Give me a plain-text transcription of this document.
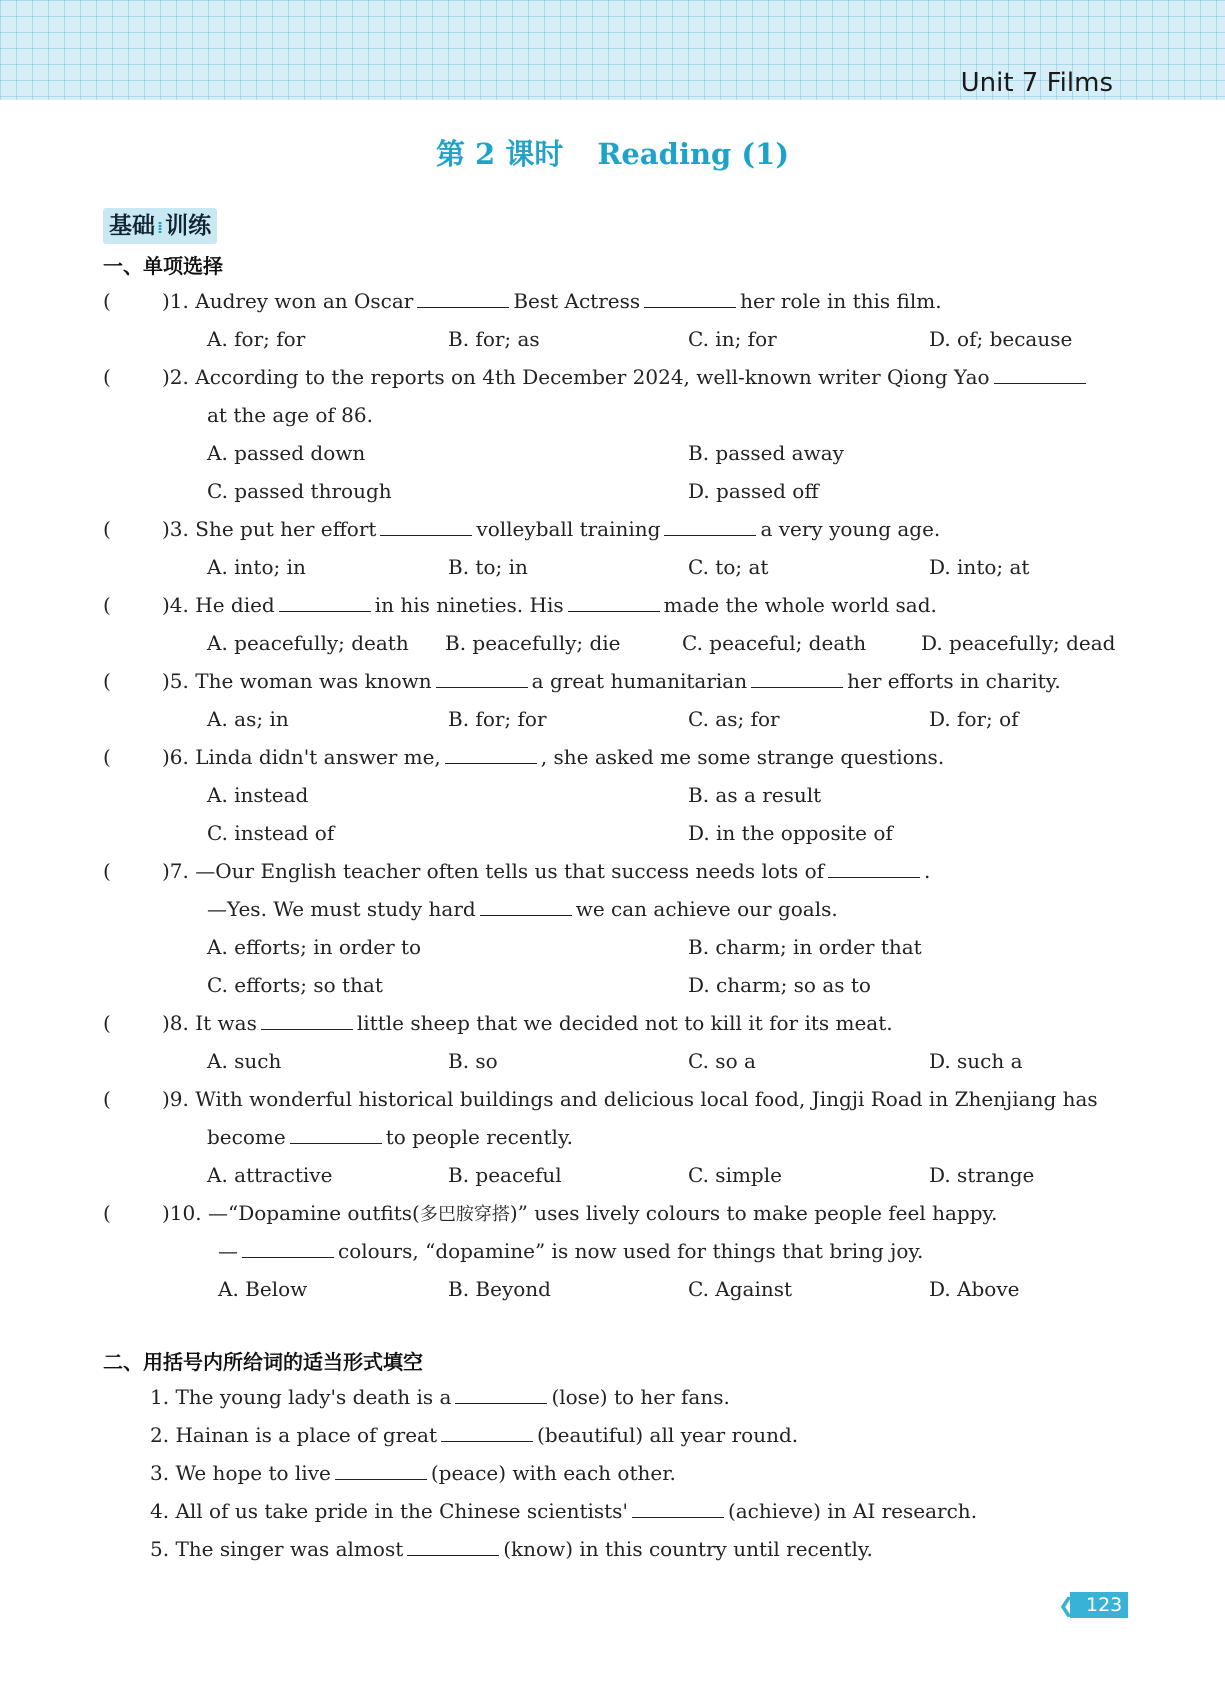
Unit 7 Films
第 2 课时 Reading (1)
基础 ⁞训练
一、单项选择
(	)1. Audrey won an Oscar	Best Actress	her role in this film.
A. for; for	B. for; as	C. in; for	D. of; because
(	)2. According to the reports on 4th December 2024, well-known writer Qiong Yao
at the age of 86.
A. passed down	B. passed away
C. passed through	D. passed off
(	)3. She put her effort	volleyball training	a very young age.
A. into; in	B. to; in	C. to; at	D. into; at
(	)4. He died	in his nineties. His	made the whole world sad.
A. peacefully; death B. peacefully; die	C. peaceful; death	D. peacefully; dead
(	)5. The woman was known	a great humanitarian	her efforts in charity.
A. as; in	B. for; for	C. as; for	D. for; of
(	)6. Linda didn't answer me,	, she asked me some strange questions.
A. instead	B. as a result
C. instead of	D. in the opposite of
(	)7. —Our English teacher often tells us that success needs lots of	.
—Yes. We must study hard	we can achieve our goals.
A. efforts; in order to	B. charm; in order that
C. efforts; so that	D. charm; so as to
(	)8. It was	little sheep that we decided not to kill it for its meat.
A. such	B. so	C. so a	D. such a
(	)9. With wonderful historical buildings and delicious local food, Jingji Road in Zhenjiang has
become	to people recently.
A. attractive	B. peaceful	C. simple	D. strange
(	)10. —“Dopamine outfits(多巴胺穿搭)” uses lively colours to make people feel happy.
—	colours, “dopamine” is now used for things that bring joy.
A. Below	B. Beyond	C. Against	D. Above
二、用括号内所给词的适当形式填空
1. The young lady's death is a	(lose) to her fans.
2. Hainan is a place of great	(beautiful) all year round.
3. We hope to live	(peace) with each other.
4. All of us take pride in the Chinese scientists'	(achieve) in AI research.
5. The singer was almost	(know) in this country until recently.
❮❮ 123
